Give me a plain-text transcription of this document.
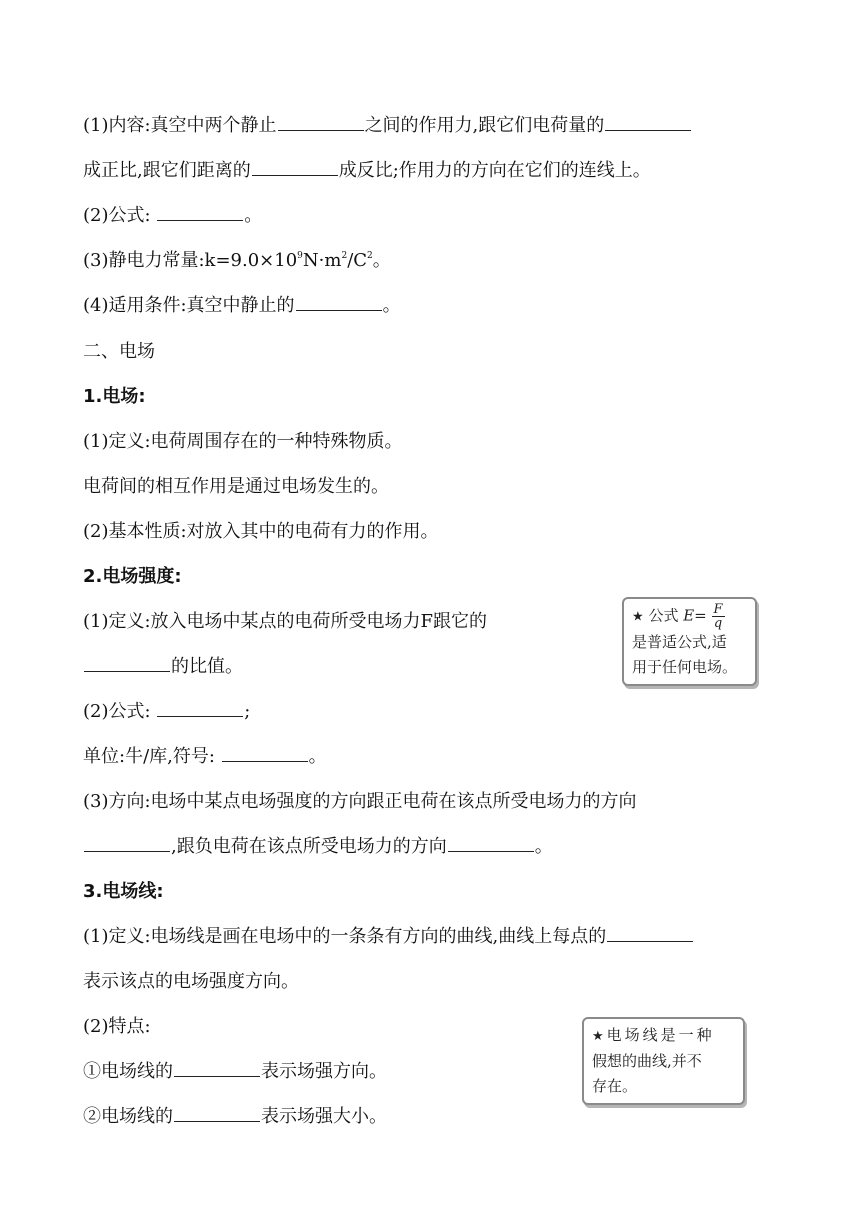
(1)内容:真空中两个静止	之间的作用力,跟它们电荷量的
成正比,跟它们距离的	成反比;作用力的方向在它们的连线上。
(2)公式:	。
(3)静电力常量$:k=9.0\times 10^9N\cdot m^2/C^2$。
(4)适用条件:真空中静止的	。
二、电场
1.电场:
(1)定义:电荷周围存在的一种特殊物质。
电荷间的相互作用是通过电场发生的。
(2)基本性质:对放入其中的电荷有力的作用。
2.电场强度:
(1)定义:放入电场中某点的电荷所受电场力F跟它的
的比值。
(2)公式:	;
单位:牛/库,符号:	。
(3)方向:电场中某点电场强度的方向跟正电荷在该点所受电场力的方向
,跟负电荷在该点所受电场力的方向	。
3.电场线:
(1)定义:电场线是画在电场中的一条条有方向的曲线,曲线上每点的
表示该点的电场强度方向。
(2)特点:
①电场线的	表示场强方向。
②电场线的	表示场强大小。
★ 公式 $E= \frac{F}{q}$
是普适公式,适
用于任何电场。
★电场线是一种
假想的曲线,并不
存在。
